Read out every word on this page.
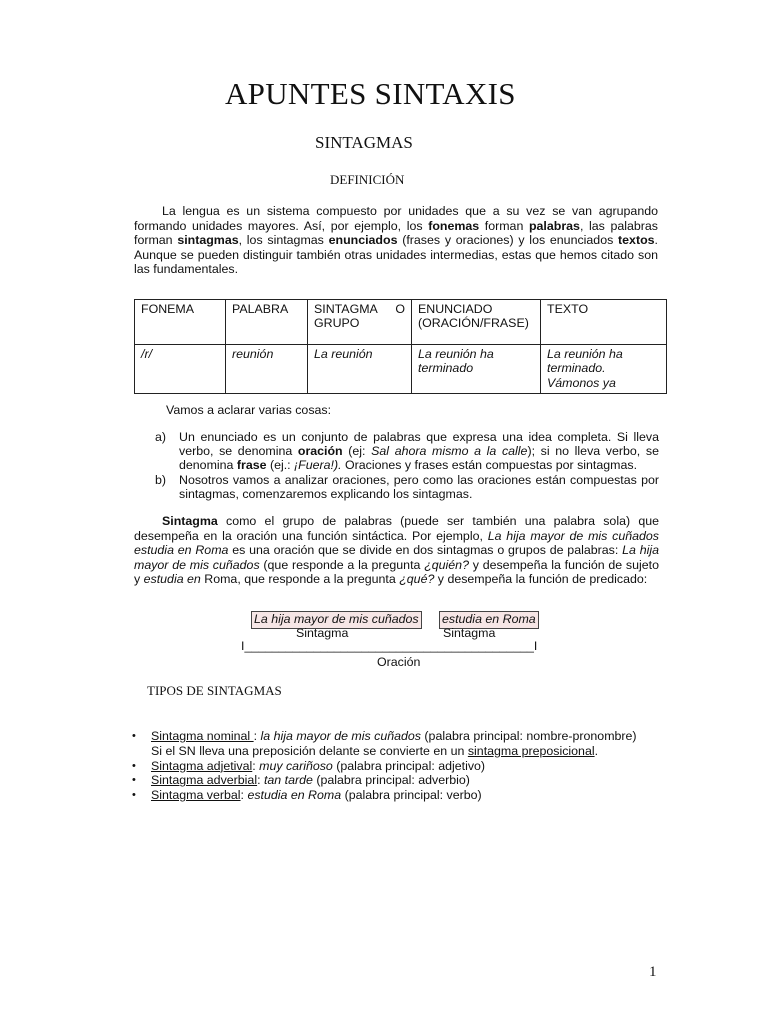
APUNTES SINTAXIS
SINTAGMAS
DEFINICIÓN

La lengua es un sistema compuesto por unidades que a su vez se van agrupando formando unidades mayores. Así, por ejemplo, los fonemas forman palabras, las palabras forman sintagmas, los sintagmas enunciados (frases y oraciones) y los enunciados textos. Aunque se pueden distinguir también otras unidades intermedias, estas que hemos citado son las fundamentales.

FONEMA	PALABRA	SINTAGMA O GRUPO	ENUNCIADO (ORACIÓN/FRASE)	TEXTO
/r/	reunión	La reunión	La reunión ha terminado	La reunión ha terminado. Vámonos ya
Vamos a aclarar varias cosas:
a)	Un enunciado es un conjunto de palabras que expresa una idea completa. Si lleva verbo, se denomina oración (ej: Sal ahora mismo a la calle); si no lleva verbo, se denomina frase (ej.: ¡Fuera!). Oraciones y frases están compuestas por sintagmas.
b)	Nosotros vamos a analizar oraciones, pero como las oraciones están compuestas por sintagmas, comenzaremos explicando los sintagmas.

Sintagma como el grupo de palabras (puede ser también una palabra sola) que desempeña en la oración una función sintáctica. Por ejemplo, La hija mayor de mis cuñados estudia en Roma es una oración que se divide en dos sintagmas o grupos de palabras: La hija mayor de mis cuñados (que responde a la pregunta ¿quién? y desempeña la función de sujeto y estudia en Roma, que responde a la pregunta ¿qué? y desempeña la función de predicado:

La hija mayor de mis cuñados estudia en Roma
Sintagma	Sintagma
I__________________________________________I
Oración
TIPOS DE SINTAGMAS
•	Sintagma nominal : la hija mayor de mis cuñados (palabra principal: nombre-pronombre)
Si el SN lleva una preposición delante se convierte en un sintagma preposicional.
•	Sintagma adjetival: muy cariñoso (palabra principal: adjetivo)
•	Sintagma adverbial: tan tarde (palabra principal: adverbio)
•	Sintagma verbal: estudia en Roma (palabra principal: verbo)
1
